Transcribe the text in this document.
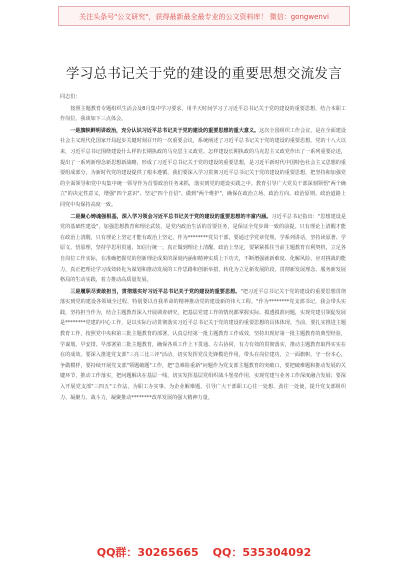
关注头条号"公文研究"，获得最新最全最专业的公文资料库！ 微信：gongwenvi
学习总书记关于党的建设的重要思想交流发言

同志们：

按照主题教育专题组织生活会及8月集中学习要求，用半天时间学习了习近平总书记关于党的建设的重要思想，结合本职工作岗位，我谈如下三点体会。

一是旗帜鲜明讲政治，充分认识习近平总书记关于党的建设的重要思想的重大意义。这次全国组织工作会议，是在全面建设社会主义现代化国家开局起步关键时刻召开的一次重要会议，系统阐述了习近平总书记关于党的建设的重要思想。党的十八大以来，习近平总书记围绕建设什么样的长期执政的马克思主义政党、怎样建设长期执政的马克思主义政党作出了一系列重要论述，提出了一系列新理念新思想新战略，形成了习近平总书记关于党的建设的重要思想，是习近平新时代中国特色社会主义思想的重要组成部分，为新时代党的建设提供了根本遵循，我们要深入学习贯彻习近平总书记关于党的建设的重要思想，把坚持和加强党的全面领导和党中央集中统一领导作为首要政治任务来抓，落实到党的建设实践之中。教育引导广大党员干部深刻领悟"两个确立"的决定性意义，增强"四个意识"、坚定"四个自信"、做到"两个维护"，确保在政治立场、政治方向、政治原则、政治道路上同党中央保持高度一致。

二是聚心铸魂强根基，深入学习领会习近平总书记关于党的建设的重要思想的丰富内涵。习近平总书记指出："思想建设是党的基础性建设"。加强思想教育和理论武装，是党内政治生活的首要任务，是保证全党步调一致的前提。只有理论上清醒才能在政治上清醒，只有理论上坚定才能有政治上坚定。作为********党员干部，要通过学党章党规、学系列讲话，坚持读原著、学原文、悟原理，坚持学思用贯通、知信行统一，真正做到理论上清醒、政治上坚定，要紧紧抓住当前主题教育有利契机，立足各自岗位工作实际，在准确把握党的创新理论成果的深刻内涵和精神实质上下功夫，不断增强就新难度、化解风险、应对挑战的能力，真正把理论学习成效转化为谋划和推动发展的工作思路和创新举措，转化为立足新发展阶段、贯彻新发展理念、服务新发展格局的生动实践，着力推动高质量发展。

三是履职尽责敢担当，贯彻落实好习近平总书记关于党的建设的重要思想。"把习近平总书记关于党的建设的重要思想贯彻落实到党的建设各领域全过程，特别要以自我革命的精神推动党的建设新的伟大工程。"作为********党支部书记，我会带头实践，坚持担当作为，结合主题教育深入开展调查研究，把基层党建工作的情况都掌握实际、摸透摸准问题，实现党建引领促发展是********党建的中心工作，是以实际行动贯彻落实习近平总书记关于党的建设的重要思想的具体体现。当前，要扎实推进主题教育工作，按照党中央和第三批主题教育的部署，认真总结第一批主题教育工作成效，坚持出现好第一批主题教育的典型经验，学谋划、早安排、早部署第二批主题教育，确保各项工作上下贯通、左右协同，有力有效的贯彻落实，推动主题教育取得实实在在的成效。要深入推进党支部"三亮三比三评"活动，切实发挥党员先锋模范作用，带头在岗位建功、立一面旗帜，守一份本心，争做模样，要持续开展党支部"领题破题"工作，把"急难险重新"问题作为党支部主题教育的突破口，要把破难题和推动发展的关键环节，推动工作落实，把问题解决在基层一线，切实发挥基层党组织战斗堡垒作用，实现党建与业务工作深度融合发展；要深入开展党支部"三四五"工作法，为职工办实事、为企业解难题，引导广大干部职工心往一处想、劲往一处使，提升党支部组织力、凝聚力、战斗力，凝聚推动********改革发展的强大精神力量。

QQ群：30265665 QQ：535304092
